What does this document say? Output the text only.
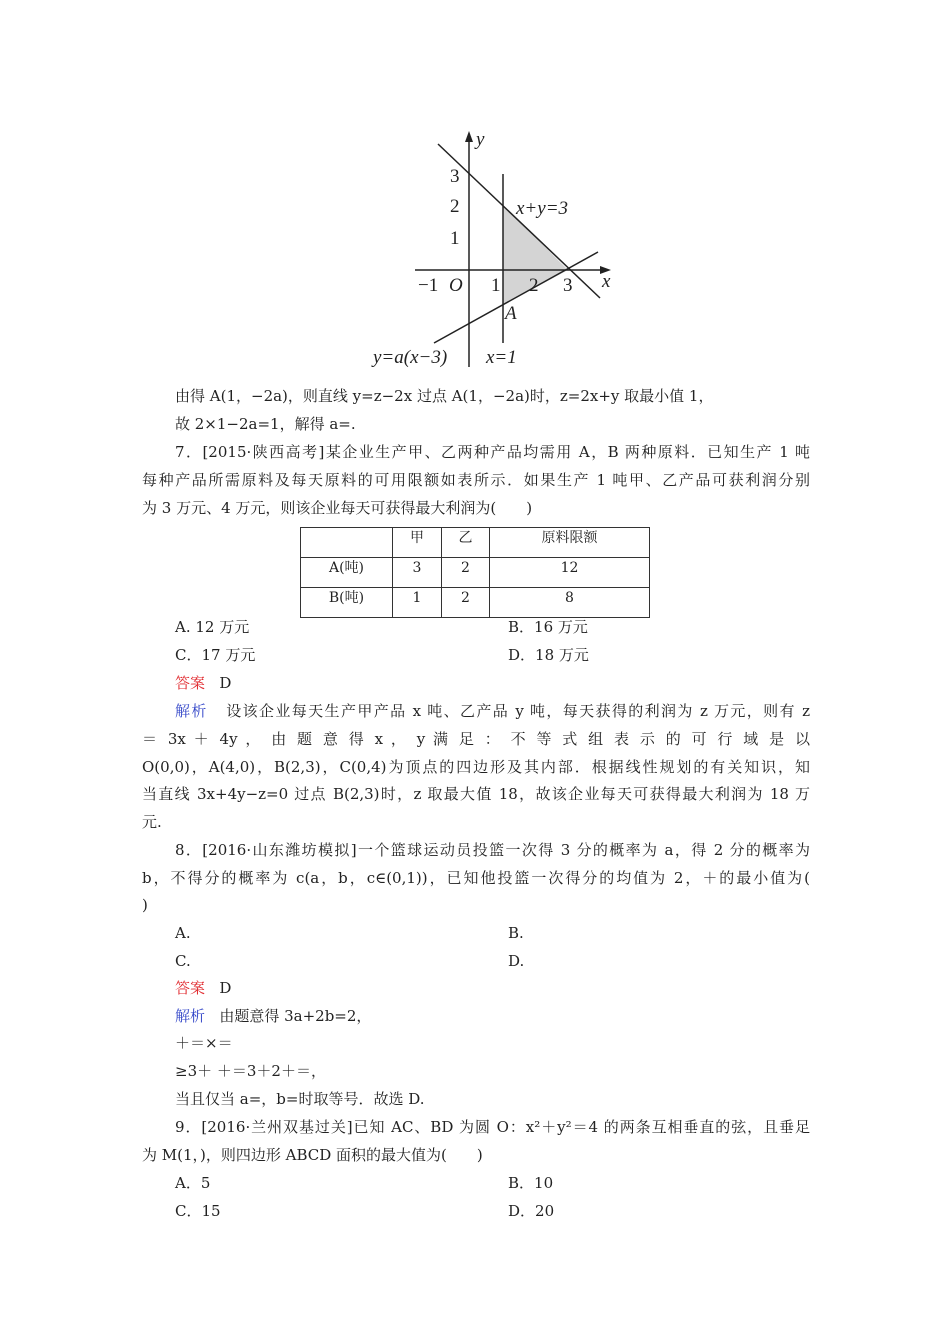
y
3
2
1
−1 O 1 2 3 x
x+y=3
A
y=a(x−3) x=1
由得 A(1，−2a)，则直线 y=z−2x 过点 A(1，−2a)时，z=2x+y 取最小值 1，
故 2×1−2a=1，解得 a=.
7．[2015·陕西高考]某企业生产甲、乙两种产品均需用 A，B 两种原料．已知生产 1 吨
每种产品所需原料及每天原料的可用限额如表所示．如果生产 1 吨甲、乙产品可获利润分别
为 3 万元、4 万元，则该企业每天可获得最大利润为(　　)
	甲	乙	原料限额
A(吨)	3	2	12
B(吨)	1	2	8
A. 12 万元	B．16 万元
C．17 万元	D．18 万元
答案 D
解析 设该企业每天生产甲产品 x 吨、乙产品 y 吨，每天获得的利润为 z 万元，则有 z
＝ 3x ＋ 4y ， 由 题 意 得 x ， y 满 足 ： 不 等 式 组 表 示 的 可 行 域 是 以
O(0,0)，A(4,0)，B(2,3)，C(0,4)为顶点的四边形及其内部．根据线性规划的有关知识，知
当直线 3x+4y−z=0 过点 B(2,3)时，z 取最大值 18，故该企业每天可获得最大利润为 18 万
元.
8．[2016·山东潍坊模拟]一个篮球运动员投篮一次得 3 分的概率为 a，得 2 分的概率为
b，不得分的概率为 c(a，b，c∈(0,1))，已知他投篮一次得分的均值为 2，＋的最小值为(
)
A.	B.
C.	D.
答案 D
解析 由题意得 3a+2b=2，
＋＝×＝
≥3＋ ＋＝3＋2＋＝，
当且仅当 a=，b=时取等号．故选 D.
9．[2016·兰州双基过关]已知 AC、BD 为圆 O：x²＋y²＝4 的两条互相垂直的弦，且垂足
为 M(1，)，则四边形 ABCD 面积的最大值为(　　)
A．5	B．10
C．15	D．20
